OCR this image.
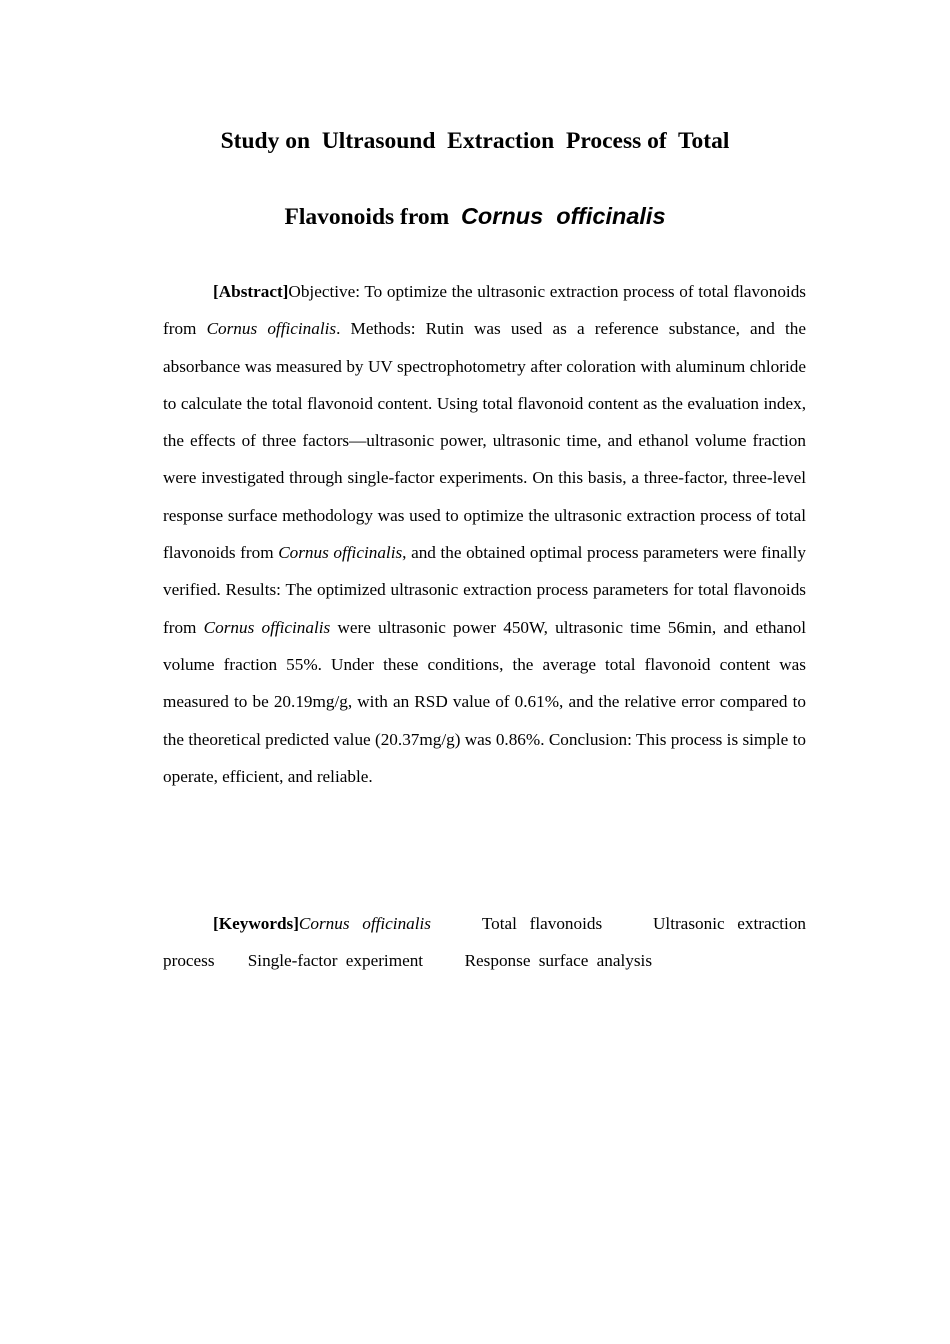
Study on  Ultrasound  Extraction  Process of  Total
Flavonoids from  Cornus  officinalis

[Abstract]Objective: To optimize the ultrasonic extraction process of total flavonoids from Cornus officinalis. Methods: Rutin was used as a reference substance, and the absorbance was measured by UV spectrophotometry after coloration with aluminum chloride to calculate the total flavonoid content. Using total flavonoid content as the evaluation index, the effects of three factors—ultrasonic power, ultrasonic time, and ethanol volume fraction were investigated through single-factor experiments. On this basis, a three-factor, three-level response surface methodology was used to optimize the ultrasonic extraction process of total flavonoids from Cornus officinalis, and the obtained optimal process parameters were finally verified. Results: The optimized ultrasonic extraction process parameters for total flavonoids from Cornus officinalis were ultrasonic power 450W, ultrasonic time 56min, and ethanol volume fraction 55%. Under these conditions, the average total flavonoid content was measured to be 20.19mg/g, with an RSD value of 0.61%, and the relative error compared to the theoretical predicted value (20.37mg/g) was 0.86%. Conclusion: This process is simple to operate, efficient, and reliable.

[Keywords]Cornus officinalis	Total flavonoids	Ultrasonic extraction process Single-factor experiment Response surface analysis
